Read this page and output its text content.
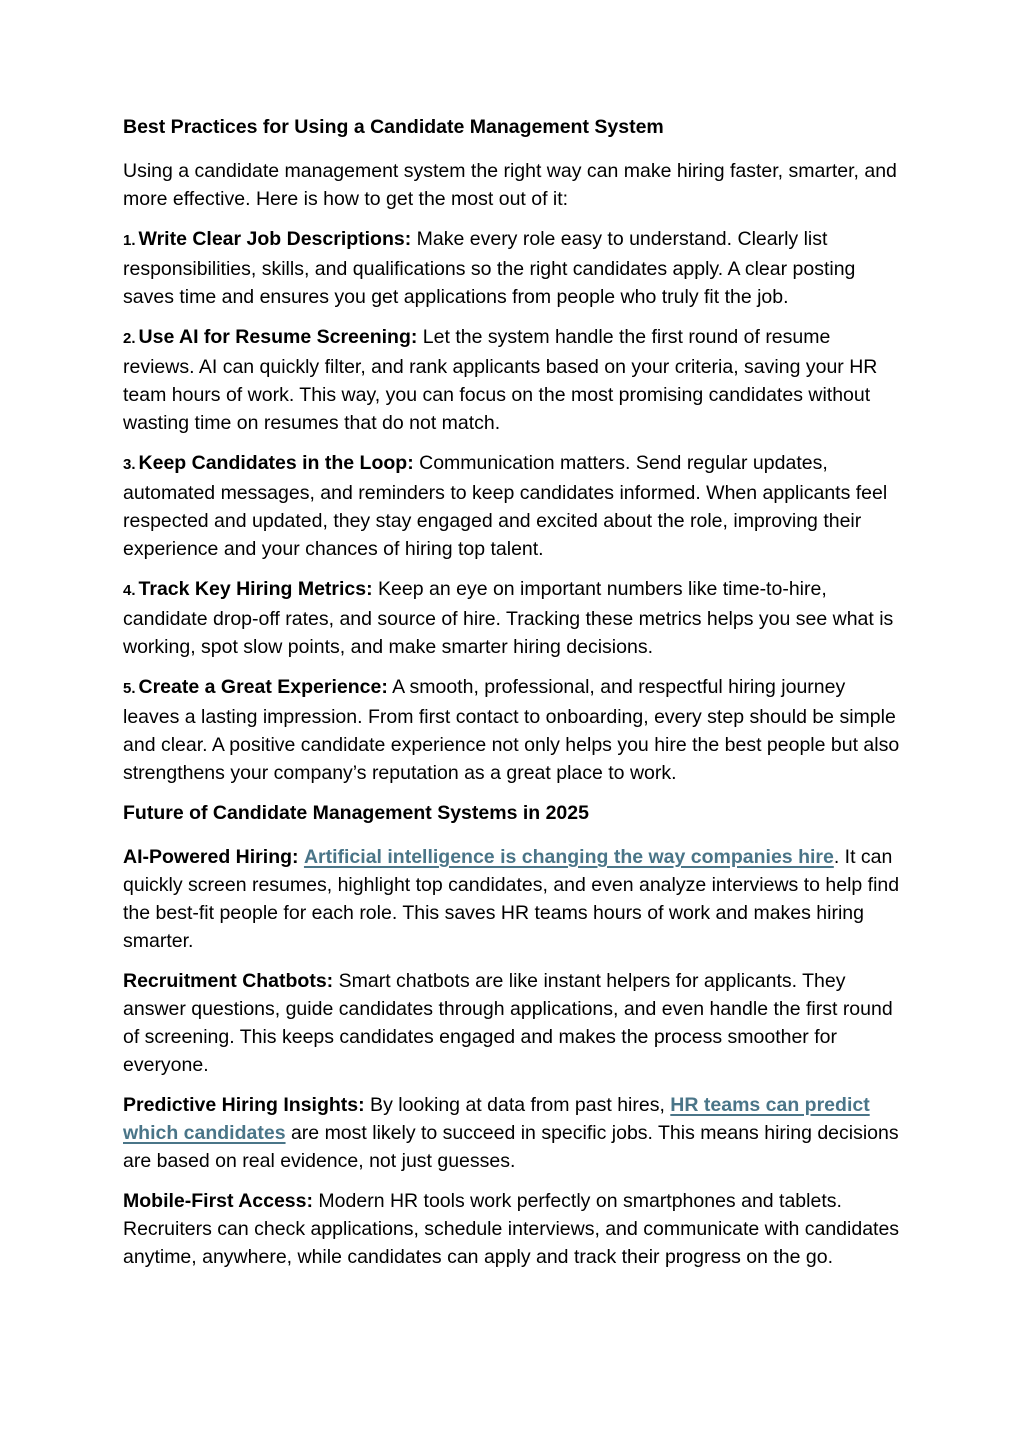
Best Practices for Using a Candidate Management System

Using a candidate management system the right way can make hiring faster, smarter, and more effective. Here is how to get the most out of it:

1. Write Clear Job Descriptions: Make every role easy to understand. Clearly list responsibilities, skills, and qualifications so the right candidates apply. A clear posting saves time and ensures you get applications from people who truly fit the job.

2. Use AI for Resume Screening: Let the system handle the first round of resume reviews. AI can quickly filter, and rank applicants based on your criteria, saving your HR team hours of work. This way, you can focus on the most promising candidates without wasting time on resumes that do not match.

3. Keep Candidates in the Loop: Communication matters. Send regular updates, automated messages, and reminders to keep candidates informed. When applicants feel respected and updated, they stay engaged and excited about the role, improving their experience and your chances of hiring top talent.

4. Track Key Hiring Metrics: Keep an eye on important numbers like time-to-hire, candidate drop-off rates, and source of hire. Tracking these metrics helps you see what is working, spot slow points, and make smarter hiring decisions.

5. Create a Great Experience: A smooth, professional, and respectful hiring journey leaves a lasting impression. From first contact to onboarding, every step should be simple and clear. A positive candidate experience not only helps you hire the best people but also strengthens your company’s reputation as a great place to work.

Future of Candidate Management Systems in 2025

AI-Powered Hiring: Artificial intelligence is changing the way companies hire. It can quickly screen resumes, highlight top candidates, and even analyze interviews to help find the best-fit people for each role. This saves HR teams hours of work and makes hiring smarter.

Recruitment Chatbots: Smart chatbots are like instant helpers for applicants. They answer questions, guide candidates through applications, and even handle the first round of screening. This keeps candidates engaged and makes the process smoother for everyone.

Predictive Hiring Insights: By looking at data from past hires, HR teams can predict which candidates are most likely to succeed in specific jobs. This means hiring decisions are based on real evidence, not just guesses.

Mobile-First Access: Modern HR tools work perfectly on smartphones and tablets. Recruiters can check applications, schedule interviews, and communicate with candidates anytime, anywhere, while candidates can apply and track their progress on the go.
